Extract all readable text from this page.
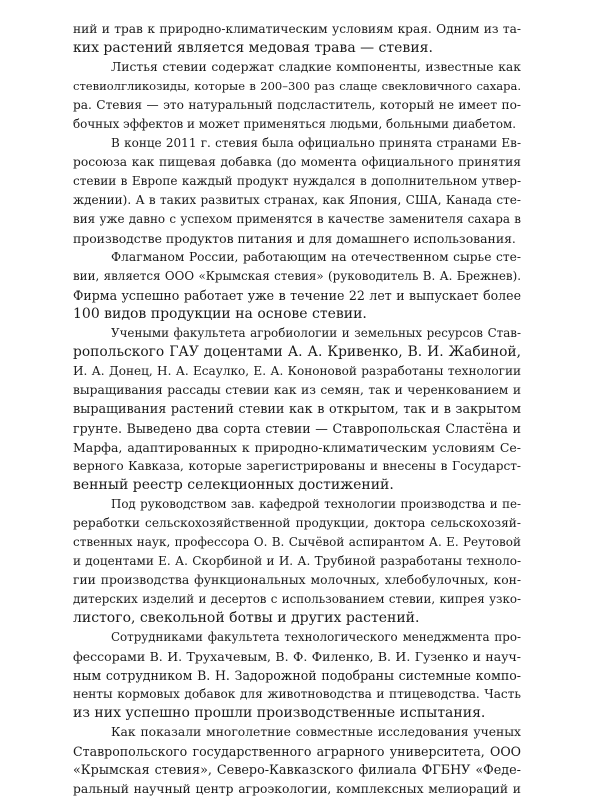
ний и трав к природно-климатическим условиям края. Одним из та-
ких растений является медовая трава — стевия.
Листья стевии содержат сладкие компоненты, известные как
стевиолгликозиды, которые в 200–300 раз слаще свекловичного сахара.
ра. Стевия — это натуральный подсластитель, который не имеет по-
бочных эффектов и может применяться людьми, больными диабетом.
В конце 2011 г. стевия была официально принята странами Ев-
росоюза как пищевая добавка (до момента официального принятия
стевии в Европе каждый продукт нуждался в дополнительном утвер-
ждении). А в таких развитых странах, как Япония, США, Канада сте-
вия уже давно с успехом применятся в качестве заменителя сахара в
производстве продуктов питания и для домашнего использования.
Флагманом России, работающим на отечественном сырье сте-
вии, является ООО «Крымская стевия» (руководитель В. А. Брежнев).
Фирма успешно работает уже в течение 22 лет и выпускает более
100 видов продукции на основе стевии.
Учеными факультета агробиологии и земельных ресурсов Став-
ропольского ГАУ доцентами А. А. Кривенко, В. И. Жабиной,
И. А. Донец, Н. А. Есаулко, Е. А. Кононовой разработаны технологии
выращивания рассады стевии как из семян, так и черенкованием и
выращивания растений стевии как в открытом, так и в закрытом
грунте. Выведено два сорта стевии — Ставропольская Сластёна и
Марфа, адаптированных к природно-климатическим условиям Се-
верного Кавказа, которые зарегистрированы и внесены в Государст-
венный реестр селекционных достижений.
Под руководством зав. кафедрой технологии производства и пе-
реработки сельскохозяйственной продукции, доктора сельскохозяй-
ственных наук, профессора О. В. Сычёвой аспирантом А. Е. Реутовой
и доцентами Е. А. Скорбиной и И. А. Трубиной разработаны техноло-
гии производства функциональных молочных, хлебобулочных, кон-
дитерских изделий и десертов с использованием стевии, кипрея узко-
листого, свекольной ботвы и других растений.
Сотрудниками факультета технологического менеджмента про-
фессорами В. И. Трухачевым, В. Ф. Филенко, В. И. Гузенко и науч-
ным сотрудником В. Н. Задорожной подобраны системные компо-
ненты кормовых добавок для животноводства и птицеводства. Часть
из них успешно прошли производственные испытания.
Как показали многолетние совместные исследования ученых
Ставропольского государственного аграрного университета, ООО
«Крымская стевия», Северо-Кавказского филиала ФГБНУ «Феде-
ральный научный центр агроэкологии, комплексных мелиораций и
